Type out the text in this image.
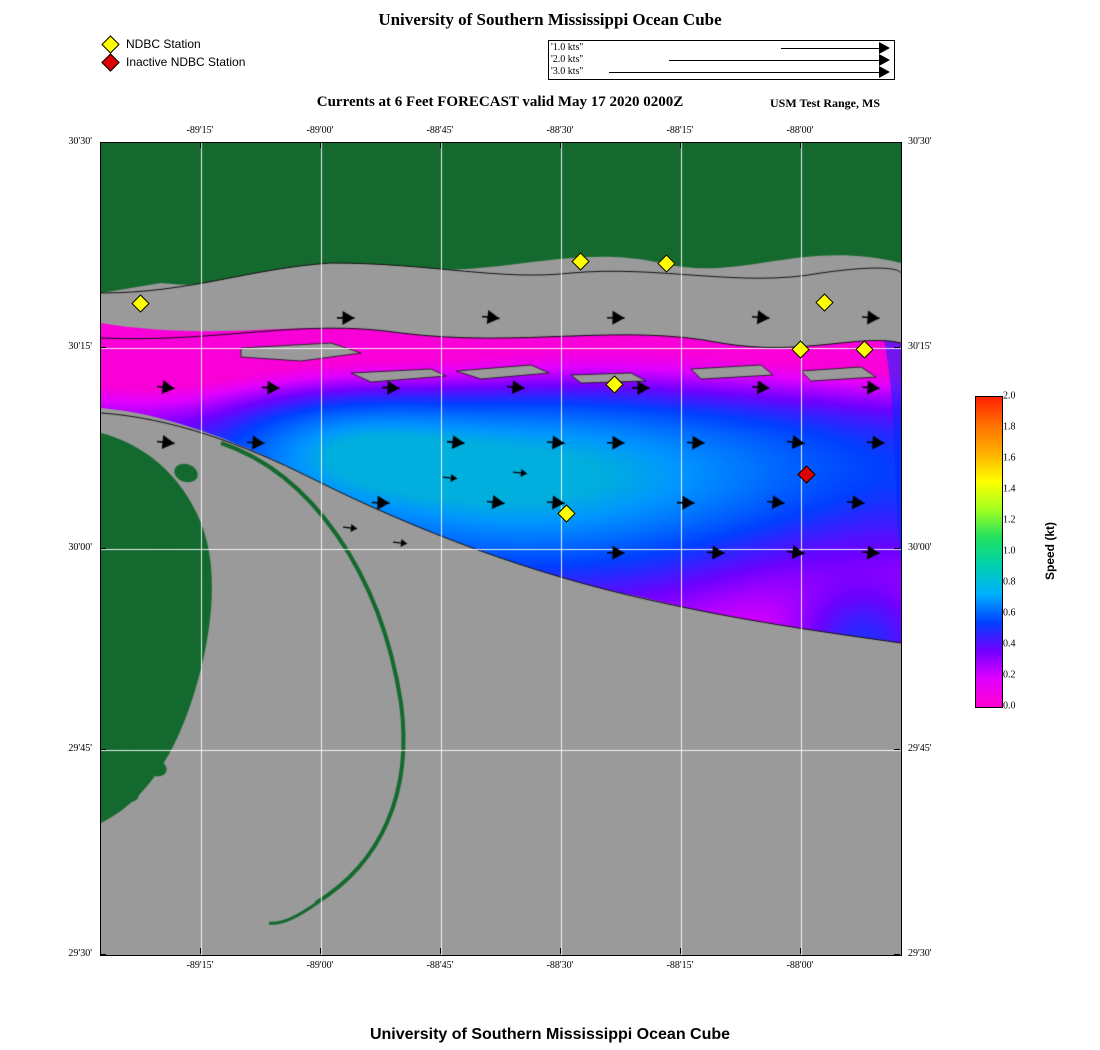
University of Southern Mississippi Ocean Cube
University of Southern Mississippi Ocean Cube
Currents at 6 Feet FORECAST valid May 17 2020 0200Z	USM Test Range, MS
NDBC Station
Inactive NDBC Station
'1.0 kts''
'2.0 kts''
'3.0 kts''
-89'15'
-89'15'
-89'00'
-89'00'
-88'45'
-88'45'
-88'30'
-88'30'
-88'15'
-88'15'
-88'00'
-88'00'
30'30'	30'30'
30'15'	30'15'
30'00'	30'00'
29'45'	29'45'
29'30'	29'30'
Speed (kt)
2.0
1.8
1.6
1.4
1.2
1.0
0.8
0.6
0.4
0.2
0.0
